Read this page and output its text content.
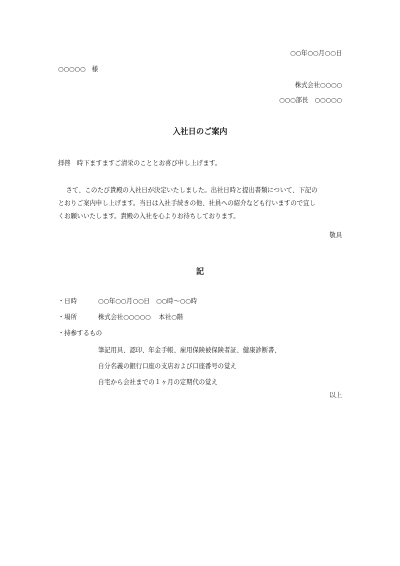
○○年○○月○○日
○○○○○　様
株式会社○○○○
○○○部長　○○○○○
入社日のご案内
拝啓　時下ますますご清栄のこととお喜び申し上げます。
さて、このたび貴殿の入社日が決定いたしました。出社日時と提出書類について、下記の
とおりご案内申し上げます。当日は入社手続きの他、社員への紹介なども行いますので宜し
くお願いいたします。貴殿の入社を心よりお待ちしております。
敬具
記
・日時	○○年○○月○○日　○○時～○○時
・場所	株式会社○○○○○ 本社○階
・持参するもの
筆記用具、認印、年金手帳、雇用保険被保険者証、健康診断書、
自分名義の銀行口座の支店および口座番号の覚え
自宅から会社までの１ヶ月の定期代の覚え
以上
